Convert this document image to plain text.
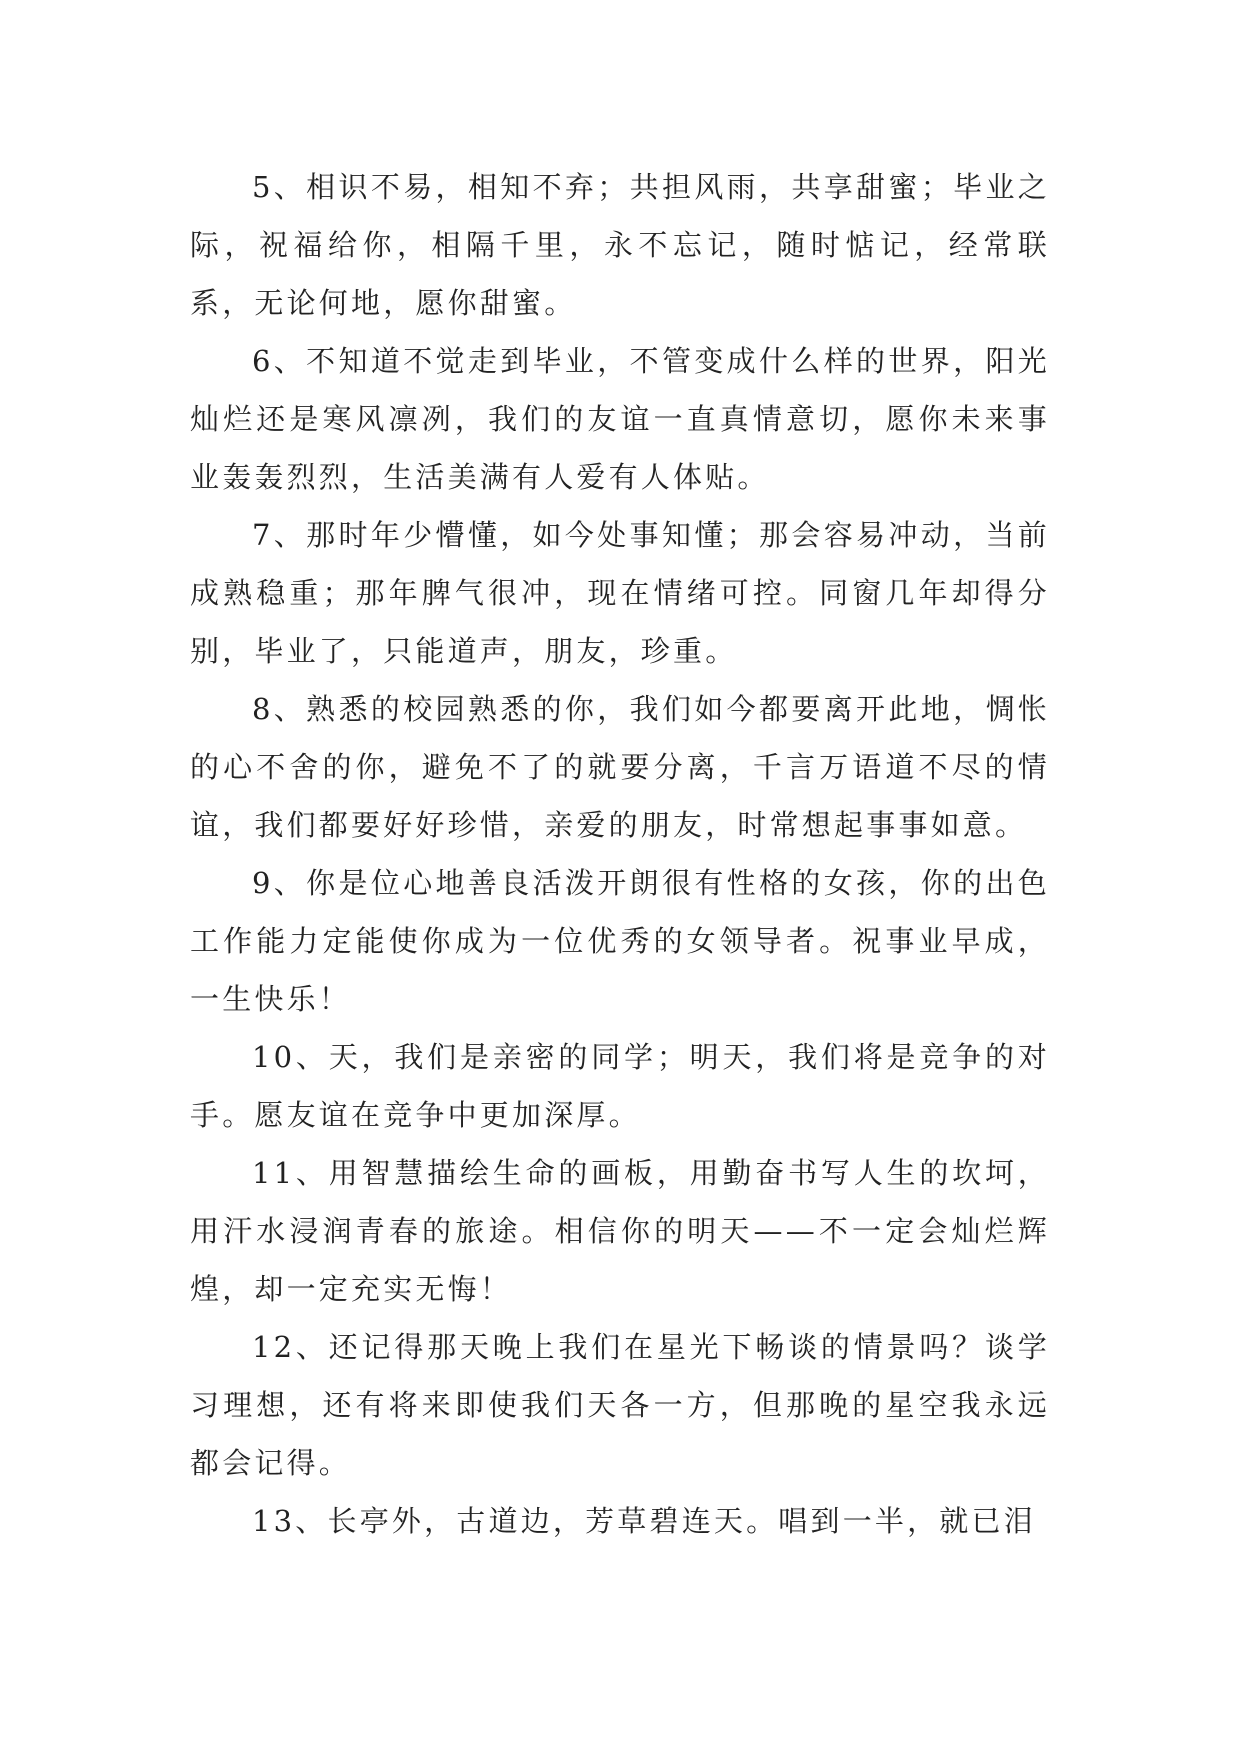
5、相识不易，相知不弃；共担风雨，共享甜蜜；毕业之际，祝福给你，相隔千里，永不忘记，随时惦记，经常联系，无论何地，愿你甜蜜。

6、不知道不觉走到毕业，不管变成什么样的世界，阳光灿烂还是寒风凛冽，我们的友谊一直真情意切，愿你未来事业轰轰烈烈，生活美满有人爱有人体贴。

7、那时年少懵懂，如今处事知懂；那会容易冲动，当前成熟稳重；那年脾气很冲，现在情绪可控。同窗几年却得分别，毕业了，只能道声，朋友，珍重。

8、熟悉的校园熟悉的你，我们如今都要离开此地，惆怅的心不舍的你，避免不了的就要分离，千言万语道不尽的情谊，我们都要好好珍惜，亲爱的朋友，时常想起事事如意。

9、你是位心地善良活泼开朗很有性格的女孩，你的出色工作能力定能使你成为一位优秀的女领导者。祝事业早成，一生快乐！

10、天，我们是亲密的同学；明天，我们将是竞争的对手。愿友谊在竞争中更加深厚。

11、用智慧描绘生命的画板，用勤奋书写人生的坎坷，用汗水浸润青春的旅途。相信你的明天——不一定会灿烂辉煌，却一定充实无悔！

12、还记得那天晚上我们在星光下畅谈的情景吗？谈学习理想，还有将来即使我们天各一方，但那晚的星空我永远都会记得。

13、长亭外，古道边，芳草碧连天。唱到一半，就已泪
